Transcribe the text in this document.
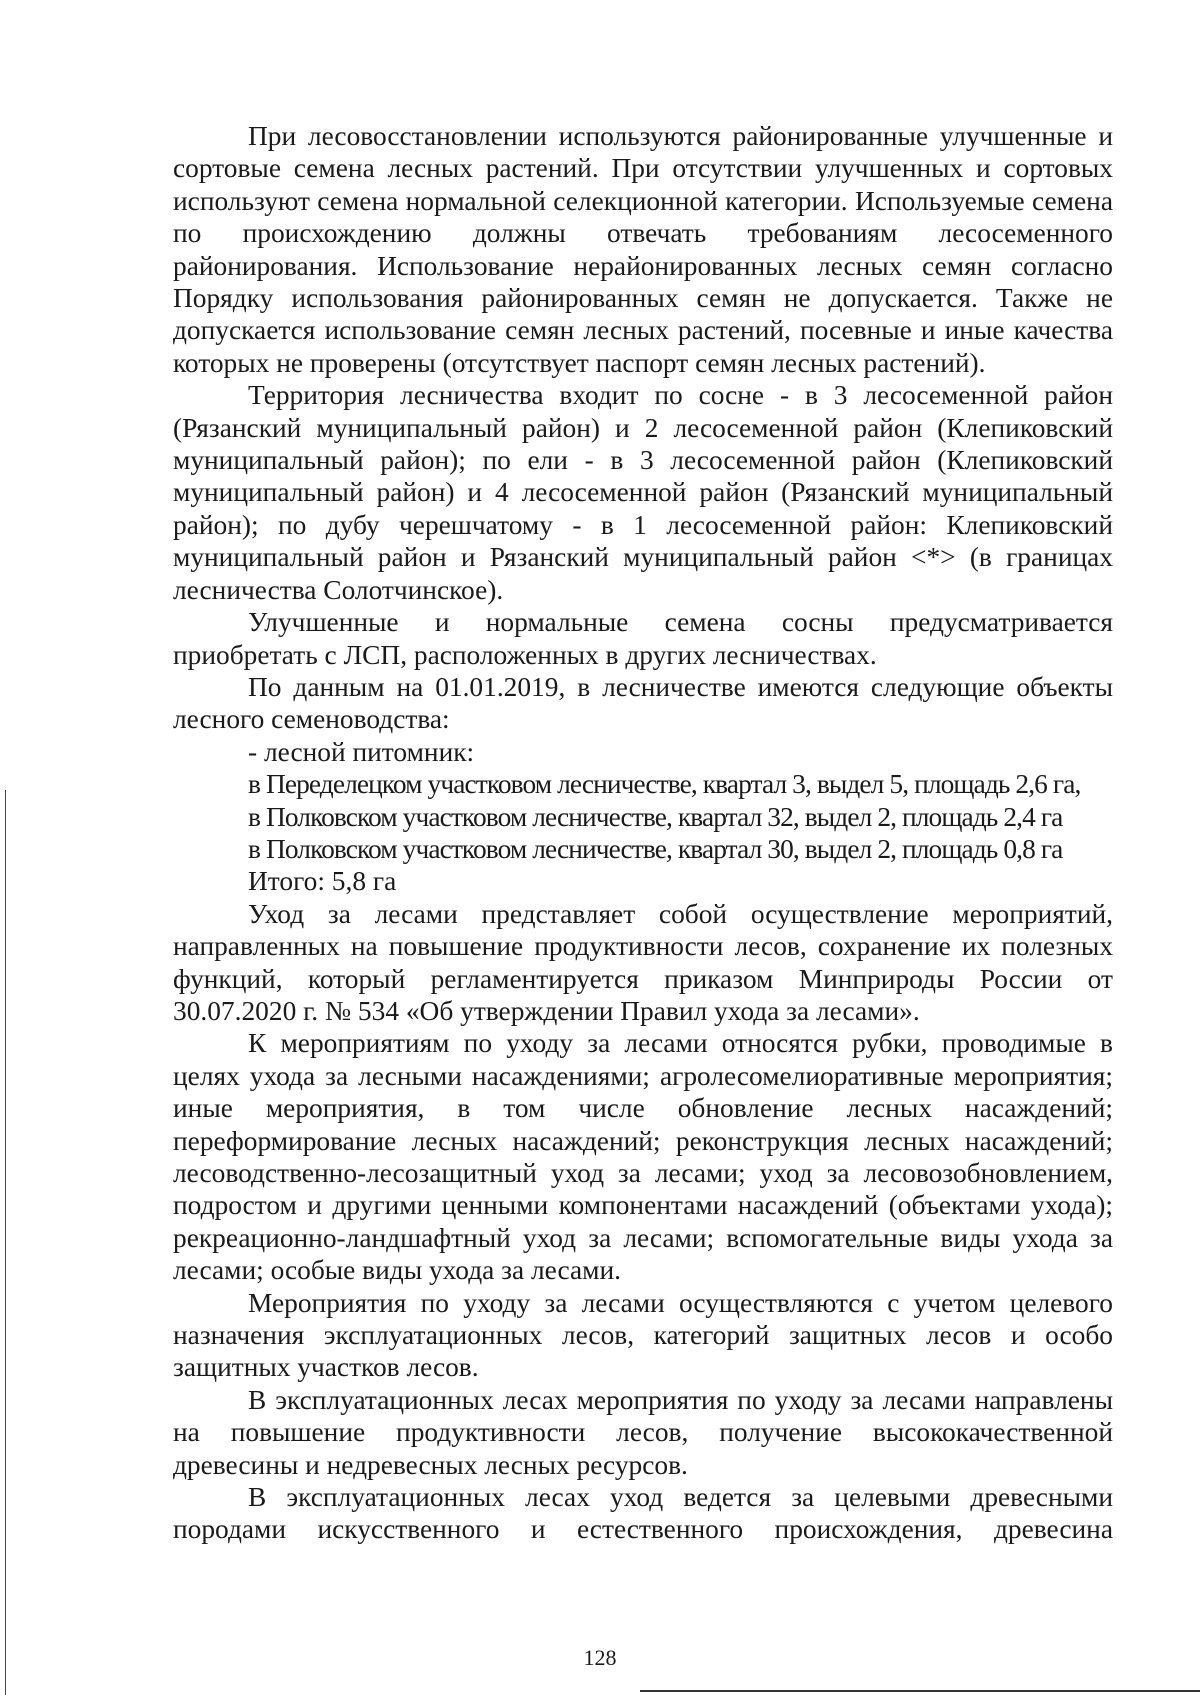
При лесовосстановлении используются районированные улучшенные и сортовые семена лесных растений. При отсутствии улучшенных и сортовых используют семена нормальной селекционной категории. Используемые семена по происхождению должны отвечать требованиям лесосеменного районирования. Использование нерайонированных лесных семян согласно Порядку использования районированных семян не допускается. Также не допускается использование семян лесных растений, посевные и иные качества которых не проверены (отсутствует паспорт семян лесных растений).

Территория лесничества входит по сосне - в 3 лесосеменной район (Рязанский муниципальный район) и 2 лесосеменной район (Клепиковский муниципальный район); по ели - в 3 лесосеменной район (Клепиковский муниципальный район) и 4 лесосеменной район (Рязанский муниципальный район); по дубу черешчатому - в 1 лесосеменной район: Клепиковский муниципальный район и Рязанский муниципальный район <*> (в границах лесничества Солотчинское).

Улучшенные и нормальные семена сосны предусматривается приобретать с ЛСП, расположенных в других лесничествах.

По данным на 01.01.2019, в лесничестве имеются следующие объекты лесного семеноводства:

- лесной питомник:

в Переделецком участковом лесничестве, квартал 3, выдел 5, площадь 2,6 га,

в Полковском участковом лесничестве, квартал 32, выдел 2, площадь 2,4 га

в Полковском участковом лесничестве, квартал 30, выдел 2, площадь 0,8 га

Итого: 5,8 га

Уход за лесами представляет собой осуществление мероприятий, направленных на повышение продуктивности лесов, сохранение их полезных функций, который регламентируется приказом Минприроды России от 30.07.2020 г. № 534 «Об утверждении Правил ухода за лесами».

К мероприятиям по уходу за лесами относятся рубки, проводимые в целях ухода за лесными насаждениями; агролесомелиоративные мероприятия; иные мероприятия, в том числе обновление лесных насаждений; переформирование лесных насаждений; реконструкция лесных насаждений; лесоводственно-лесозащитный уход за лесами; уход за лесовозобновлением, подростом и другими ценными компонентами насаждений (объектами ухода); рекреационно-ландшафтный уход за лесами; вспомогательные виды ухода за лесами; особые виды ухода за лесами.

Мероприятия по уходу за лесами осуществляются с учетом целевого назначения эксплуатационных лесов, категорий защитных лесов и особо защитных участков лесов.

В эксплуатационных лесах мероприятия по уходу за лесами направлены на повышение продуктивности лесов, получение высококачественной древесины и недревесных лесных ресурсов.

В эксплуатационных лесах уход ведется за целевыми древесными породами искусственного и естественного происхождения, древесина

128
